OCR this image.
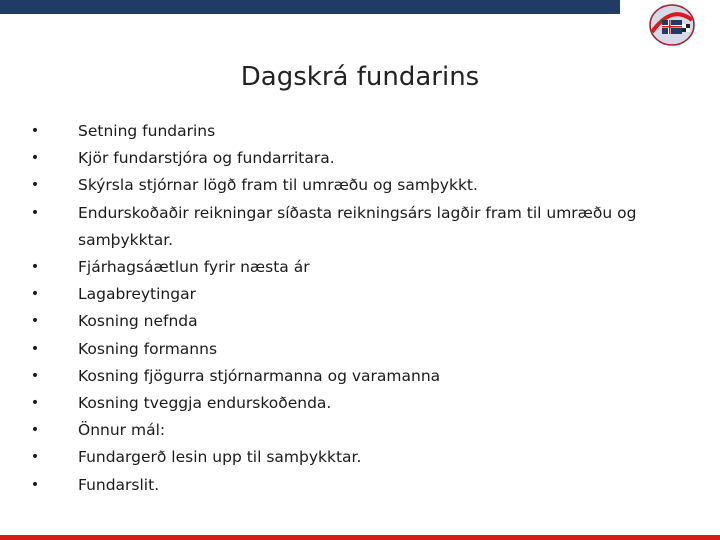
Dagskrá fundarins
•	Setning fundarins
•	Kjör fundarstjóra og fundarritara.
•	Skýrsla stjórnar lögð fram til umræðu og samþykkt.
•	Endurskoðaðir reikningar síðasta reikningsárs lagðir fram til umræðu og samþykktar.
•	Fjárhagsáætlun fyrir næsta ár
•	Lagabreytingar
•	Kosning nefnda
•	Kosning formanns
•	Kosning fjögurra stjórnarmanna og varamanna
•	Kosning tveggja endurskoðenda.
•	Önnur mál:
•	Fundargerð lesin upp til samþykktar.
•	Fundarslit.
